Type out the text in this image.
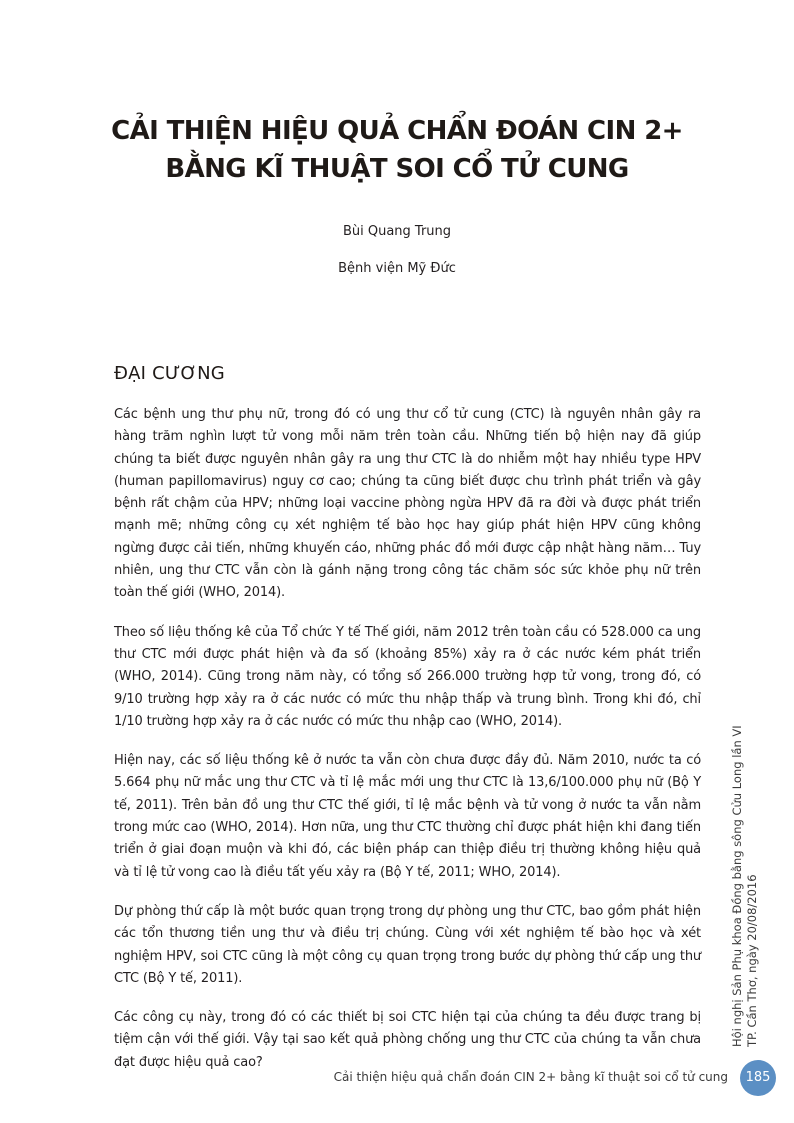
CẢI THIỆN HIỆU QUẢ CHẨN ĐOÁN CIN 2+
BẰNG KĨ THUẬT SOI CỔ TỬ CUNG
Bùi Quang Trung
Bệnh viện Mỹ Đức
ĐẠI CƯƠNG

Các bệnh ung thư phụ nữ, trong đó có ung thư cổ tử cung (CTC) là nguyên nhân gây ra hàng trăm nghìn lượt tử vong mỗi năm trên toàn cầu. Những tiến bộ hiện nay đã giúp chúng ta biết được nguyên nhân gây ra ung thư CTC là do nhiễm một hay nhiều type HPV (human papillomavirus) nguy cơ cao; chúng ta cũng biết được chu trình phát triển và gây bệnh rất chậm của HPV; những loại vaccine phòng ngừa HPV đã ra đời và được phát triển mạnh mẽ; những công cụ xét nghiệm tế bào học hay giúp phát hiện HPV cũng không ngừng được cải tiến, những khuyến cáo, những phác đồ mới được cập nhật hàng năm… Tuy nhiên, ung thư CTC vẫn còn là gánh nặng trong công tác chăm sóc sức khỏe phụ nữ trên toàn thế giới (WHO, 2014).

Theo số liệu thống kê của Tổ chức Y tế Thế giới, năm 2012 trên toàn cầu có 528.000 ca ung thư CTC mới được phát hiện và đa số (khoảng 85%) xảy ra ở các nước kém phát triển (WHO, 2014). Cũng trong năm này, có tổng số 266.000 trường hợp tử vong, trong đó, có 9/10 trường hợp xảy ra ở các nước có mức thu nhập thấp và trung bình. Trong khi đó, chỉ 1/10 trường hợp xảy ra ở các nước có mức thu nhập cao (WHO, 2014).

Hiện nay, các số liệu thống kê ở nước ta vẫn còn chưa được đầy đủ. Năm 2010, nước ta có 5.664 phụ nữ mắc ung thư CTC và tỉ lệ mắc mới ung thư CTC là 13,6/100.000 phụ nữ (Bộ Y tế, 2011). Trên bản đồ ung thư CTC thế giới, tỉ lệ mắc bệnh và tử vong ở nước ta vẫn nằm trong mức cao (WHO, 2014). Hơn nữa, ung thư CTC thường chỉ được phát hiện khi đang tiến triển ở giai đoạn muộn và khi đó, các biện pháp can thiệp điều trị thường không hiệu quả và tỉ lệ tử vong cao là điều tất yếu xảy ra (Bộ Y tế, 2011; WHO, 2014).

Dự phòng thứ cấp là một bước quan trọng trong dự phòng ung thư CTC, bao gồm phát hiện các tổn thương tiền ung thư và điều trị chúng. Cùng với xét nghiệm tế bào học và xét nghiệm HPV, soi CTC cũng là một công cụ quan trọng trong bước dự phòng thứ cấp ung thư CTC (Bộ Y tế, 2011).

Các công cụ này, trong đó có các thiết bị soi CTC hiện tại của chúng ta đều được trang bị tiệm cận với thế giới. Vậy tại sao kết quả phòng chống ung thư CTC của chúng ta vẫn chưa đạt được hiệu quả cao?

Hội nghị Sản Phụ khoa Đồng bằng sông Cửu Long lần VI TP. Cần Thơ, ngày 20/08/2016
Cải thiện hiệu quả chẩn đoán CIN 2+ bằng kĩ thuật soi cổ tử cung	185
